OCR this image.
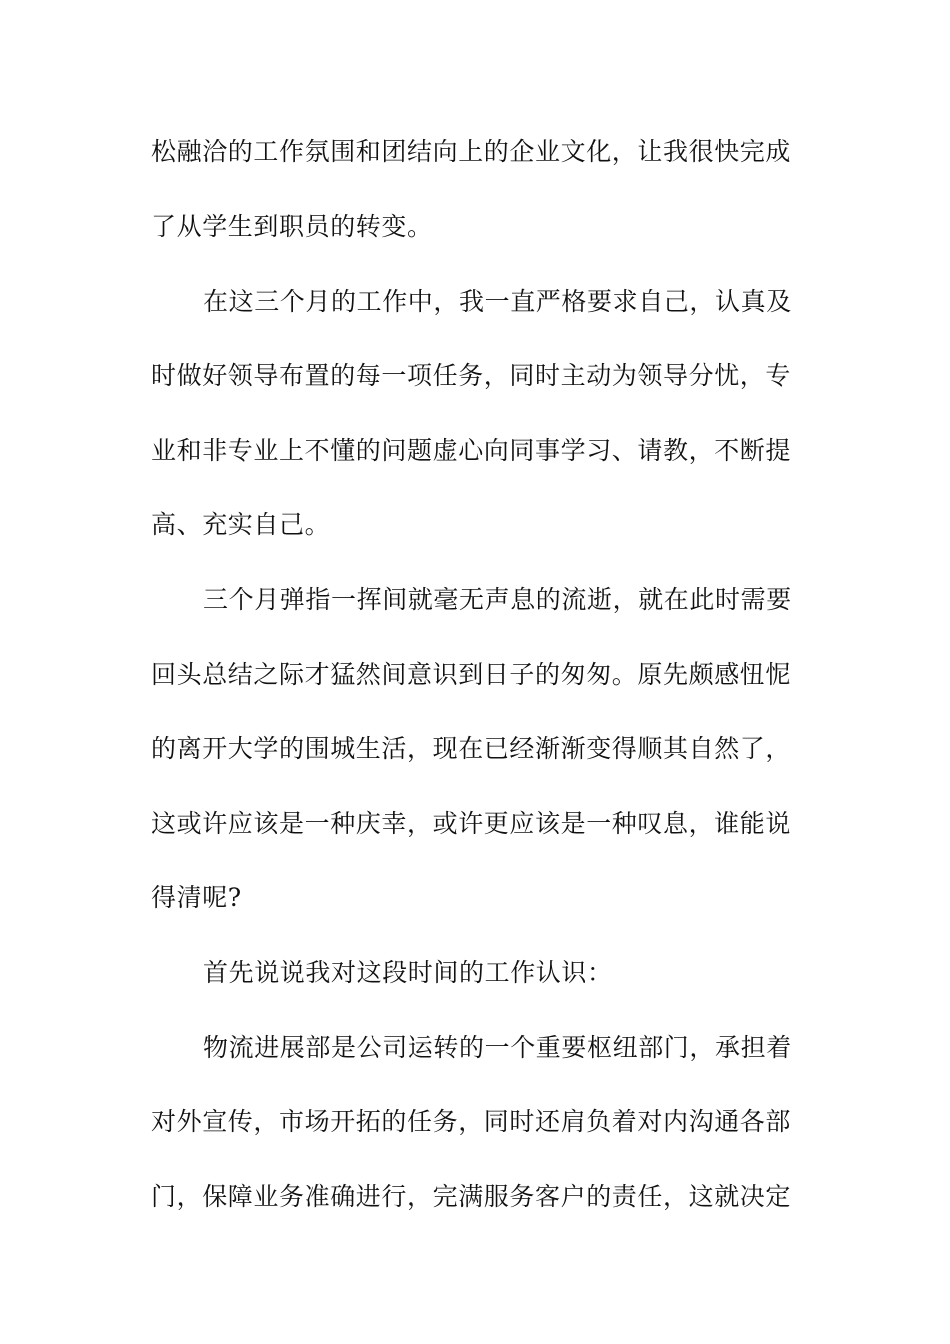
松融洽的工作氛围和团结向上的企业文化，让我很快完成
了从学生到职员的转变。
在这三个月的工作中，我一直严格要求自己，认真及
时做好领导布置的每一项任务，同时主动为领导分忧，专
业和非专业上不懂的问题虚心向同事学习、请教，不断提
高、充实自己。
三个月弹指一挥间就毫无声息的流逝，就在此时需要
回头总结之际才猛然间意识到日子的匆匆。原先颇感忸怩
的离开大学的围城生活，现在已经渐渐变得顺其自然了，
这或许应该是一种庆幸，或许更应该是一种叹息，谁能说
得清呢?
首先说说我对这段时间的工作认识：
物流进展部是公司运转的一个重要枢纽部门，承担着
对外宣传，市场开拓的任务，同时还肩负着对内沟通各部
门，保障业务准确进行，完满服务客户的责任，这就决定
